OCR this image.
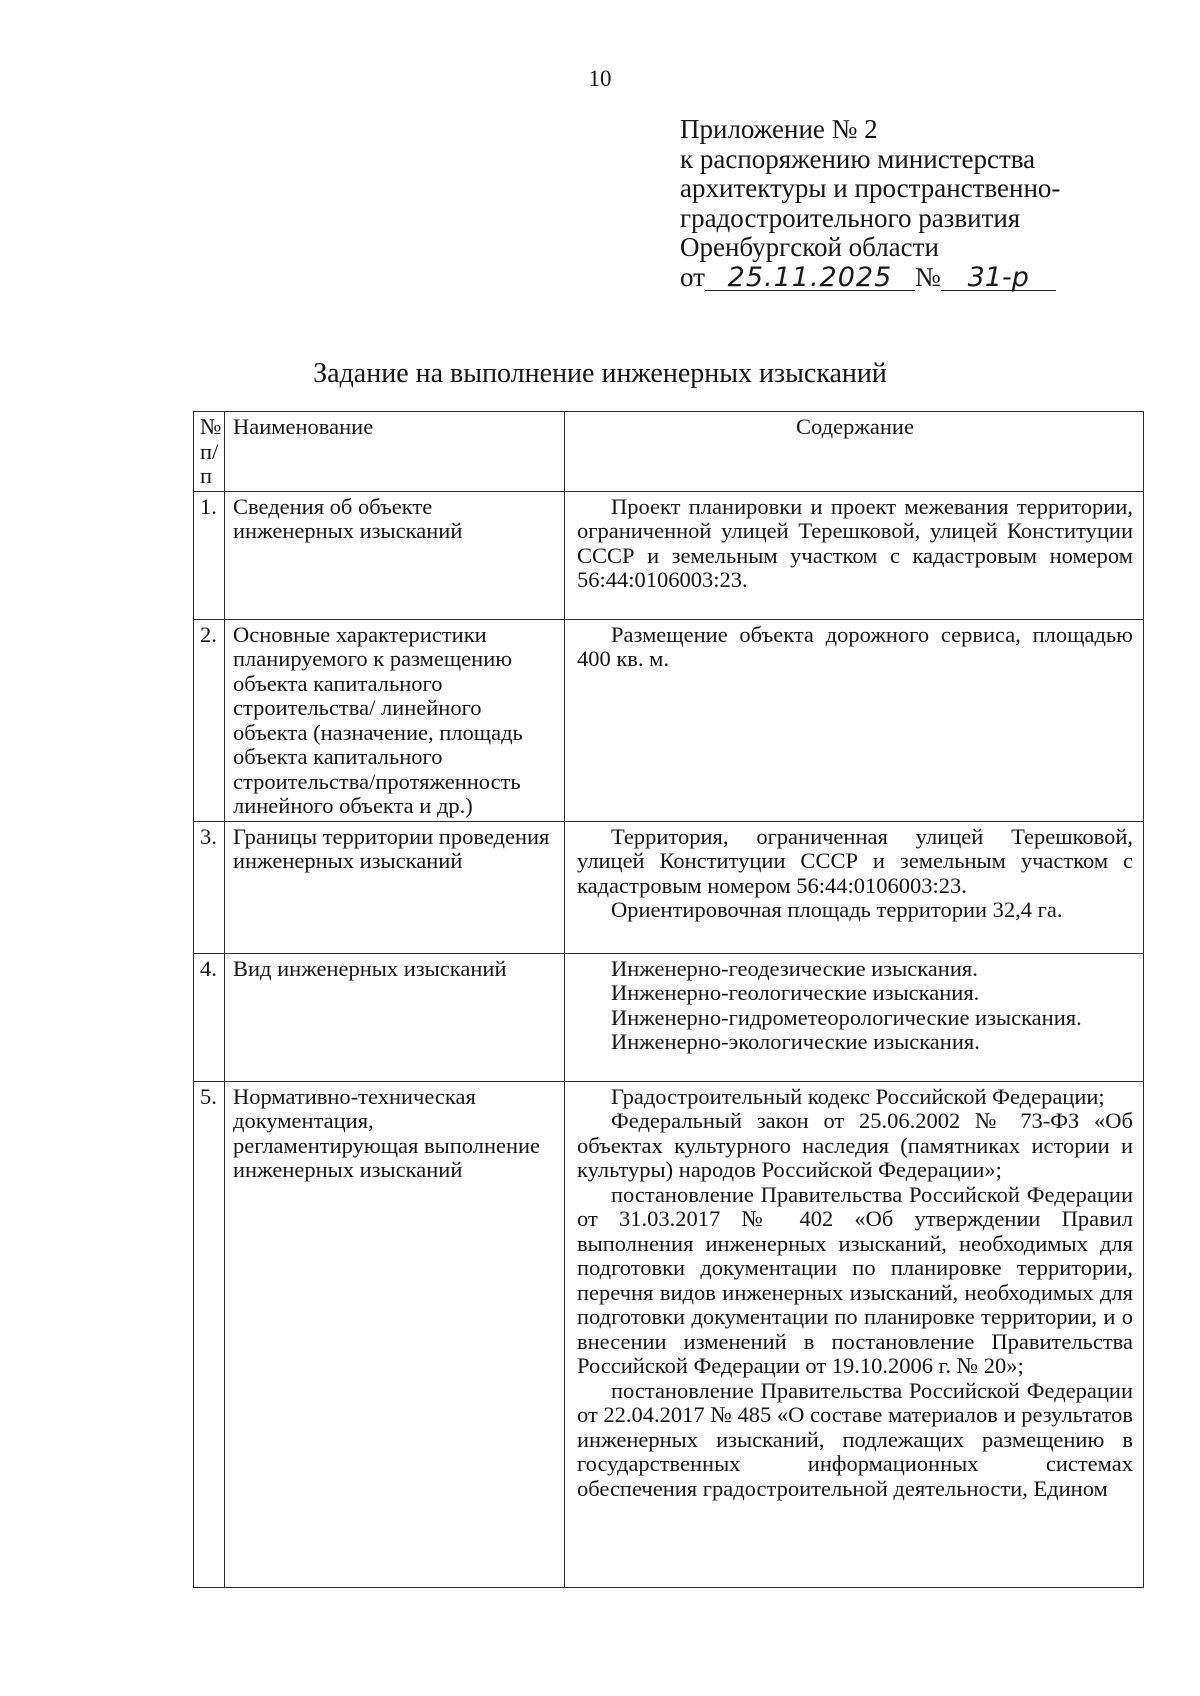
10
Приложение № 2
к распоряжению министерства
архитектуры и пространственно-
градостроительного развития
Оренбургской области
от 25.11.2025 № 31-р
Задание на выполнение инженерных изысканий
№ п/п	Наименование	Содержание
1.	Сведения об объекте инженерных изысканий	Проект планировки и проект межевания территории, ограниченной улицей Терешковой, улицей Конституции СССР и земельным участком с кадастровым номером 56:44:0106003:23.

2.	Основные характеристики планируемого к размещению объекта капитального строительства/ линейного объекта (назначение, площадь объекта капитального строительства/протяженность линейного объекта и др.)	Размещение объекта дорожного сервиса, площадью 400 кв. м.

3.	Границы территории проведения инженерных изысканий	Территория, ограниченная улицей Терешковой, улицей Конституции СССР и земельным участком с кадастровым номером 56:44:0106003:23.

Ориентировочная площадь территории 32,4 га.

4.	Вид инженерных изысканий	Инженерно-геодезические изыскания.

Инженерно-геологические изыскания.

Инженерно-гидрометеорологические изыскания.

Инженерно-экологические изыскания.

5.	Нормативно-техническая документация, регламентирующая выполнение инженерных изысканий	Градостроительный кодекс Российской Федерации;

Федеральный закон от 25.06.2002 № 73-ФЗ «Об объектах культурного наследия (памятниках истории и культуры) народов Российской Федерации»;

постановление Правительства Российской Федерации от 31.03.2017 № 402 «Об утверждении Правил выполнения инженерных изысканий, необходимых для подготовки документации по планировке территории, перечня видов инженерных изысканий, необходимых для подготовки документации по планировке территории, и о внесении изменений в постановление Правительства Российской Федерации от 19.10.2006 г. № 20»;

постановление Правительства Российской Федерации от 22.04.2017 № 485 «О составе материалов и результатов инженерных изысканий, подлежащих размещению в государственных информационных системах обеспечения градостроительной деятельности, Едином
